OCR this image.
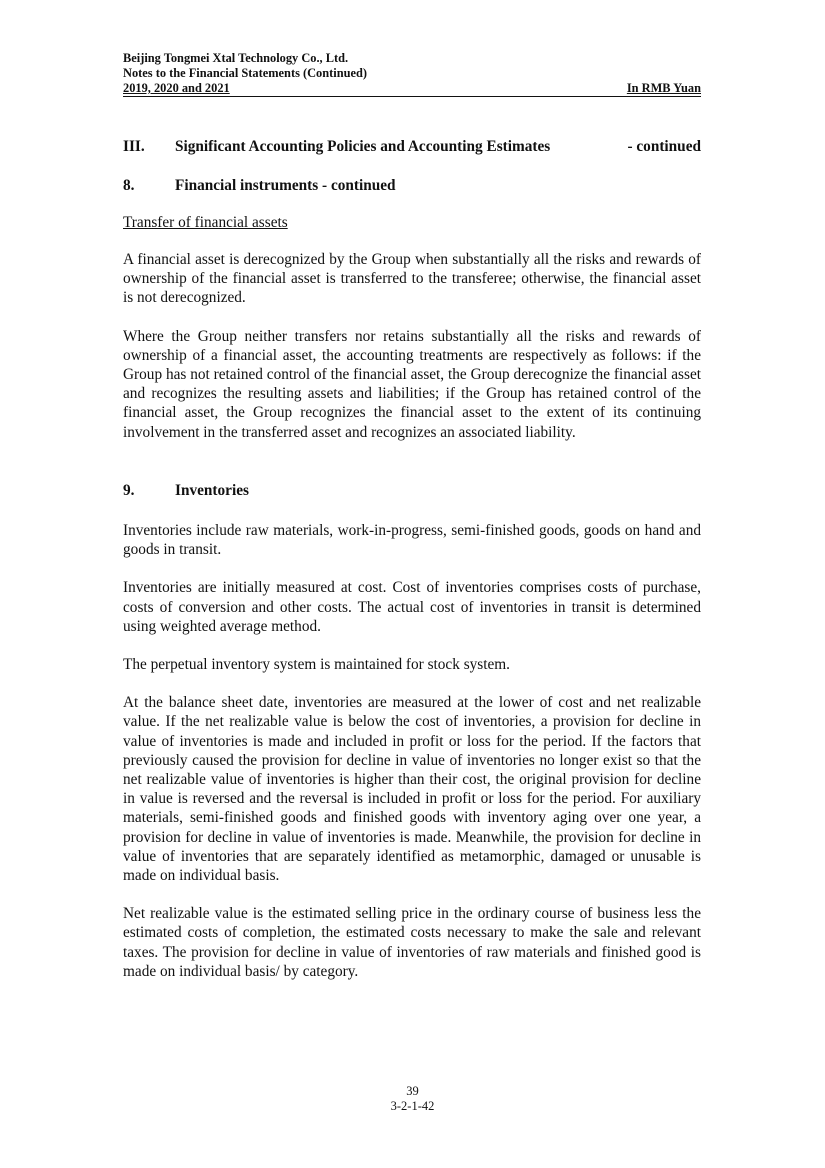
Beijing Tongmei Xtal Technology Co., Ltd.
Notes to the Financial Statements (Continued)
2019, 2020 and 2021	In RMB Yuan
III.	Significant Accounting Policies and Accounting Estimates	- continued
8.	Financial instruments - continued
Transfer of financial assets

A financial asset is derecognized by the Group when substantially all the risks and rewards of ownership of the financial asset is transferred to the transferee; otherwise, the financial asset is not derecognized.

Where the Group neither transfers nor retains substantially all the risks and rewards of ownership of a financial asset, the accounting treatments are respectively as follows: if the Group has not retained control of the financial asset, the Group derecognize the financial asset and recognizes the resulting assets and liabilities; if the Group has retained control of the financial asset, the Group recognizes the financial asset to the extent of its continuing involvement in the transferred asset and recognizes an associated liability.

9.	Inventories

Inventories include raw materials, work-in-progress, semi-finished goods, goods on hand and goods in transit.

Inventories are initially measured at cost. Cost of inventories comprises costs of purchase, costs of conversion and other costs. The actual cost of inventories in transit is determined using weighted average method.

The perpetual inventory system is maintained for stock system.

At the balance sheet date, inventories are measured at the lower of cost and net realizable value. If the net realizable value is below the cost of inventories, a provision for decline in value of inventories is made and included in profit or loss for the period. If the factors that previously caused the provision for decline in value of inventories no longer exist so that the net realizable value of inventories is higher than their cost, the original provision for decline in value is reversed and the reversal is included in profit or loss for the period. For auxiliary materials, semi-finished goods and finished goods with inventory aging over one year, a provision for decline in value of inventories is made. Meanwhile, the provision for decline in value of inventories that are separately identified as metamorphic, damaged or unusable is made on individual basis.

Net realizable value is the estimated selling price in the ordinary course of business less the estimated costs of completion, the estimated costs necessary to make the sale and relevant taxes. The provision for decline in value of inventories of raw materials and finished good is made on individual basis/ by category.

39
3-2-1-42
